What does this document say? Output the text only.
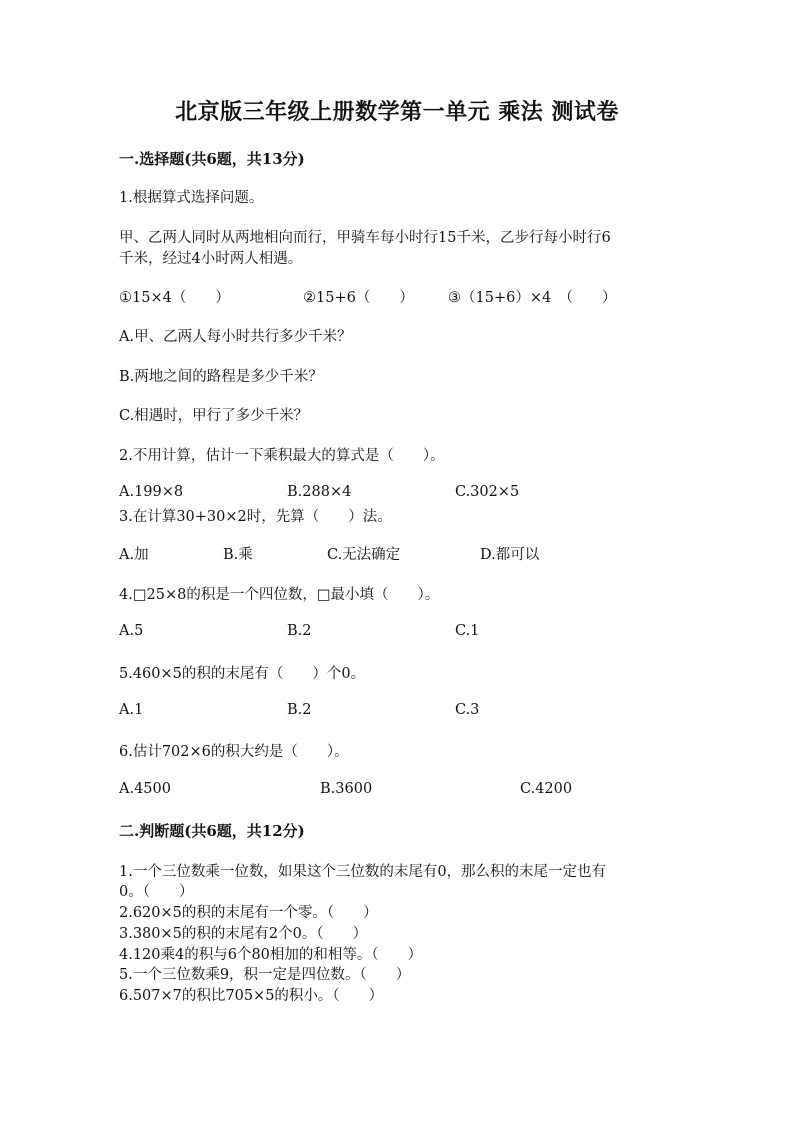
北京版三年级上册数学第一单元 乘法 测试卷
一.选择题(共6题，共13分)
1.根据算式选择问题。
甲、乙两人同时从两地相向而行，甲骑车每小时行15千米，乙步行每小时行6
千米，经过4小时两人相遇。
①15×4（　　）	②15+6（　　） ③（15+6）×4　（　　）
A.甲、乙两人每小时共行多少千米？
B.两地之间的路程是多少千米？
C.相遇时，甲行了多少千米？
2.不用计算，估计一下乘积最大的算式是（　　）。
A.199×8	B.288×4	C.302×5
3.在计算30+30×2时，先算（　　）法。
A.加	B.乘	C.无法确定	D.都可以
4.□25×8的积是一个四位数，□最小填（　　）。
A.5	B.2	C.1
5.460×5的积的末尾有（　　）个0。
A.1	B.2	C.3
6.估计702×6的积大约是（　　）。
A.4500	B.3600	C.4200
二.判断题(共6题，共12分)
1.一个三位数乘一位数，如果这个三位数的末尾有0，那么积的末尾一定也有
0。（　　）
2.620×5的积的末尾有一个零。（　　）
3.380×5的积的末尾有2个0。（　　）
4.120乘4的积与6个80相加的和相等。（　　）
5.一个三位数乘9，积一定是四位数。（　　）
6.507×7的积比705×5的积小。（　　）
